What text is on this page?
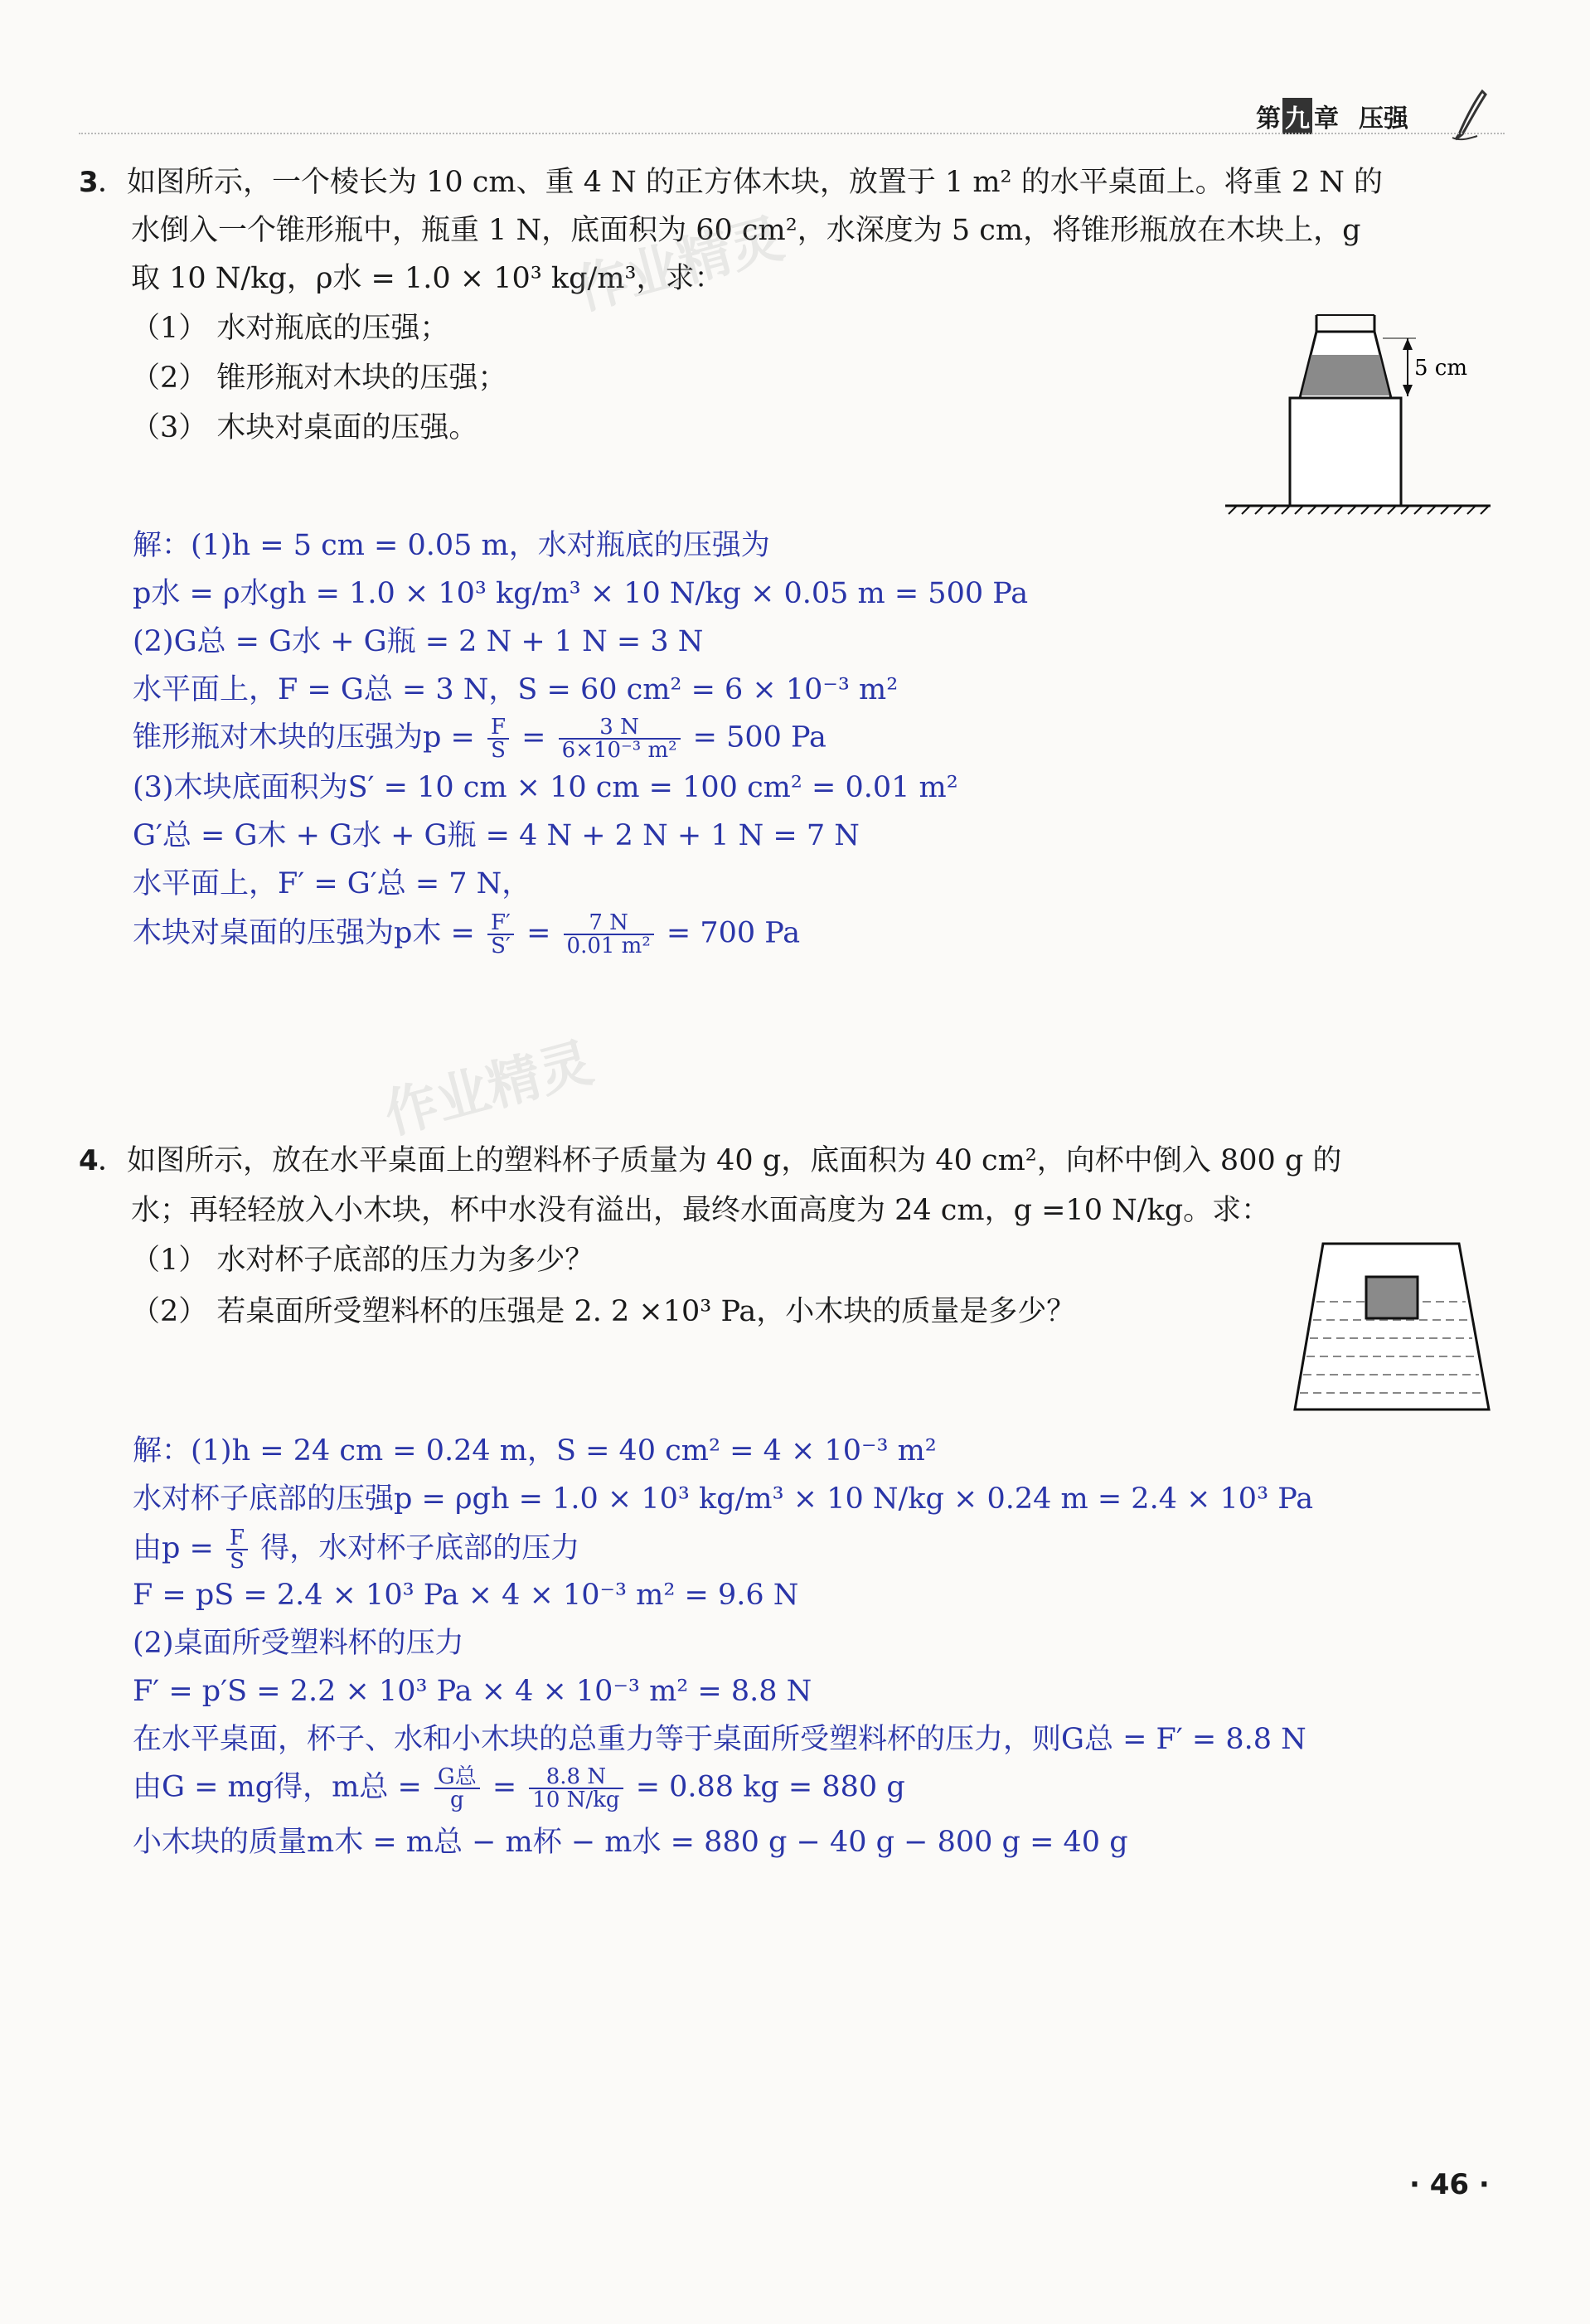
第 九 章 压强
3 ．如图所示，一个棱长为 10 cm、重 4 N 的正方体木块，放置于 1 m² 的水平桌面上。将重 2 N 的
水倒入一个锥形瓶中，瓶重 1 N，底面积为 60 cm²，水深度为 5 cm，将锥形瓶放在木块上，g
取 10 N/kg，ρ水 = 1.0 × 10³ kg/m³，求：
（1） 水对瓶底的压强；
（2） 锥形瓶对木块的压强；
（3） 木块对桌面的压强。
5 cm
解：(1)h = 5 cm = 0.05 m，水对瓶底的压强为
p水 = ρ水gh = 1.0 × 10³ kg/m³ × 10 N/kg × 0.05 m = 500 Pa
(2)G总 = G水 + G瓶 = 2 N + 1 N = 3 N
水平面上，F = G总 = 3 N，S = 60 cm² = 6 × 10⁻³ m²
锥形瓶对木块的压强为$p = \frac{F}{S} = \frac{3 N}{\text{6×10⁻³ m²}} = 500$ Pa
(3)木块底面积为S′ = 10 cm × 10 cm = 100 cm² = 0.01 m²
G′总 = G木 + G水 + G瓶 = 4 N + 2 N + 1 N = 7 N
水平面上，F′ = G′总 = 7 N，
木块对桌面的压强为p木 = $\frac{F'}{S'} = \frac{7 N}{\text{0.01 m²}} = 700$ Pa
作业精灵
作业精灵
4 ．如图所示，放在水平桌面上的塑料杯子质量为 40 g，底面积为 40 cm²，向杯中倒入 800 g 的
水；再轻轻放入小木块，杯中水没有溢出，最终水面高度为 24 cm，g =10 N/kg。求：
（1） 水对杯子底部的压力为多少？
（2） 若桌面所受塑料杯的压强是 2. 2 ×10³ Pa，小木块的质量是多少？
解：(1)h = 24 cm = 0.24 m，S = 40 cm² = 4 × 10⁻³ m²
水对杯子底部的压强p = ρgh = 1.0 × 10³ kg/m³ × 10 N/kg × 0.24 m = 2.4 × 10³ Pa
由$p = \frac{F}{S}$ 得，水对杯子底部的压力
F = pS = 2.4 × 10³ Pa × 4 × 10⁻³ m² = 9.6 N
(2)桌面所受塑料杯的压力
F′ = p′S = 2.2 × 10³ Pa × 4 × 10⁻³ m² = 8.8 N
在水平桌面，杯子、水和小木块的总重力等于桌面所受塑料杯的压力，则G总 = F′ = 8.8 N
由G = mg得，m总 = $\frac{\text{G总}}{g} = \frac{8.8 N}{10 N/kg} = 0.88$ kg = 880 g
小木块的质量m木 = m总 − m杯 − m水 = 880 g − 40 g − 800 g = 40 g
· 46 ·
